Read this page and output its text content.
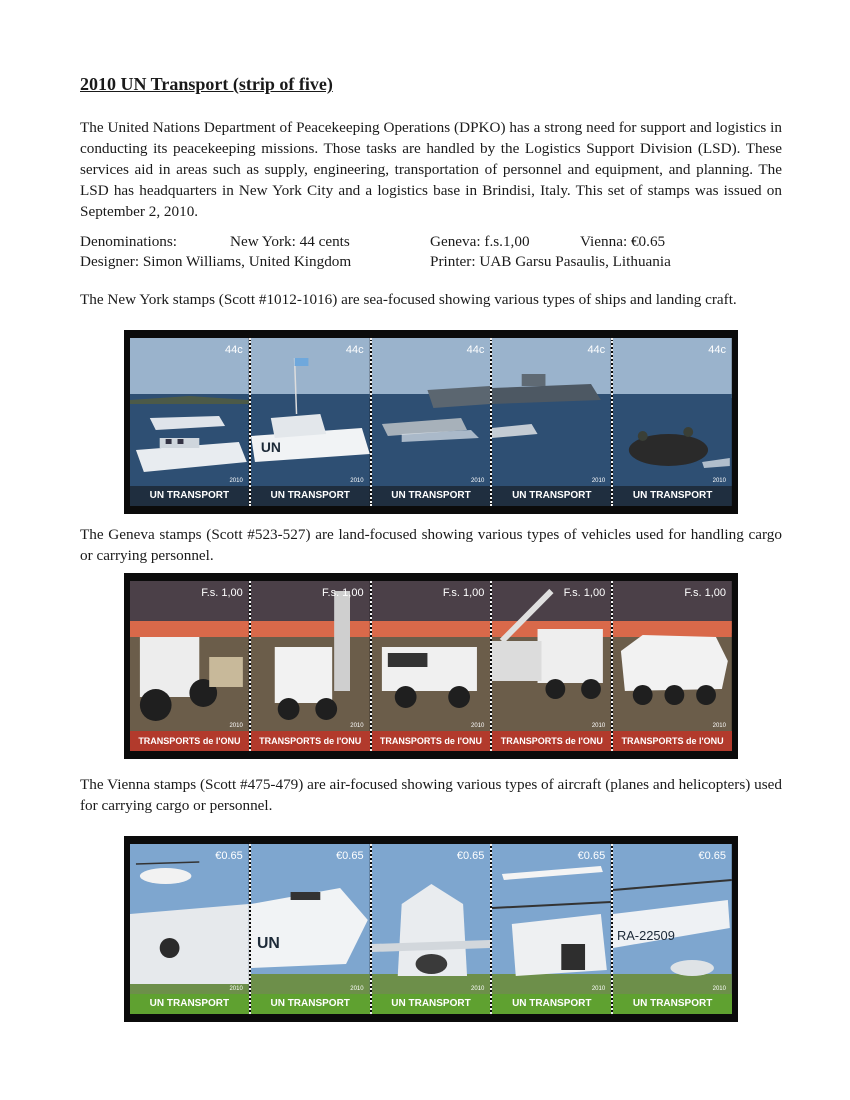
2010 UN Transport (strip of five)

The United Nations Department of Peacekeeping Operations (DPKO) has a strong need for support and logistics in conducting its peacekeeping missions. Those tasks are handled by the Logistics Support Division (LSD). These services aid in areas such as supply, engineering, transportation of personnel and equipment, and planning. The LSD has headquarters in New York City and a logistics base in Brindisi, Italy. This set of stamps was issued on September 2, 2010.

Denominations:	New York: 44 cents	Geneva: f.s.1,00	Vienna: €0.65
Designer: Simon Williams, United Kingdom	Printer: UAB Garsu Pasaulis, Lithuania

The New York stamps (Scott #1012-1016) are sea-focused showing various types of ships and landing craft.

44c
2010
UN TRANSPORT
UN
44c
2010
UN TRANSPORT
44c
2010
UN TRANSPORT
44c
2010
UN TRANSPORT
44c
2010
UN TRANSPORT

The Geneva stamps (Scott #523-527) are land-focused showing various types of vehicles used for handling cargo or carrying personnel.

F.s. 1,00
2010
TRANSPORTS de l'ONU
F.s. 1,00
2010
TRANSPORTS de l'ONU
F.s. 1,00
2010
TRANSPORTS de l'ONU
F.s. 1,00
2010
TRANSPORTS de l'ONU
F.s. 1,00
2010
TRANSPORTS de l'ONU

The Vienna stamps (Scott #475-479) are air-focused showing various types of aircraft (planes and helicopters) used for carrying cargo or personnel.

€0.65
2010
UN TRANSPORT
UN
€0.65
2010
UN TRANSPORT
€0.65
2010
UN TRANSPORT
€0.65
2010
UN TRANSPORT
RA-22509
€0.65
2010
UN TRANSPORT
